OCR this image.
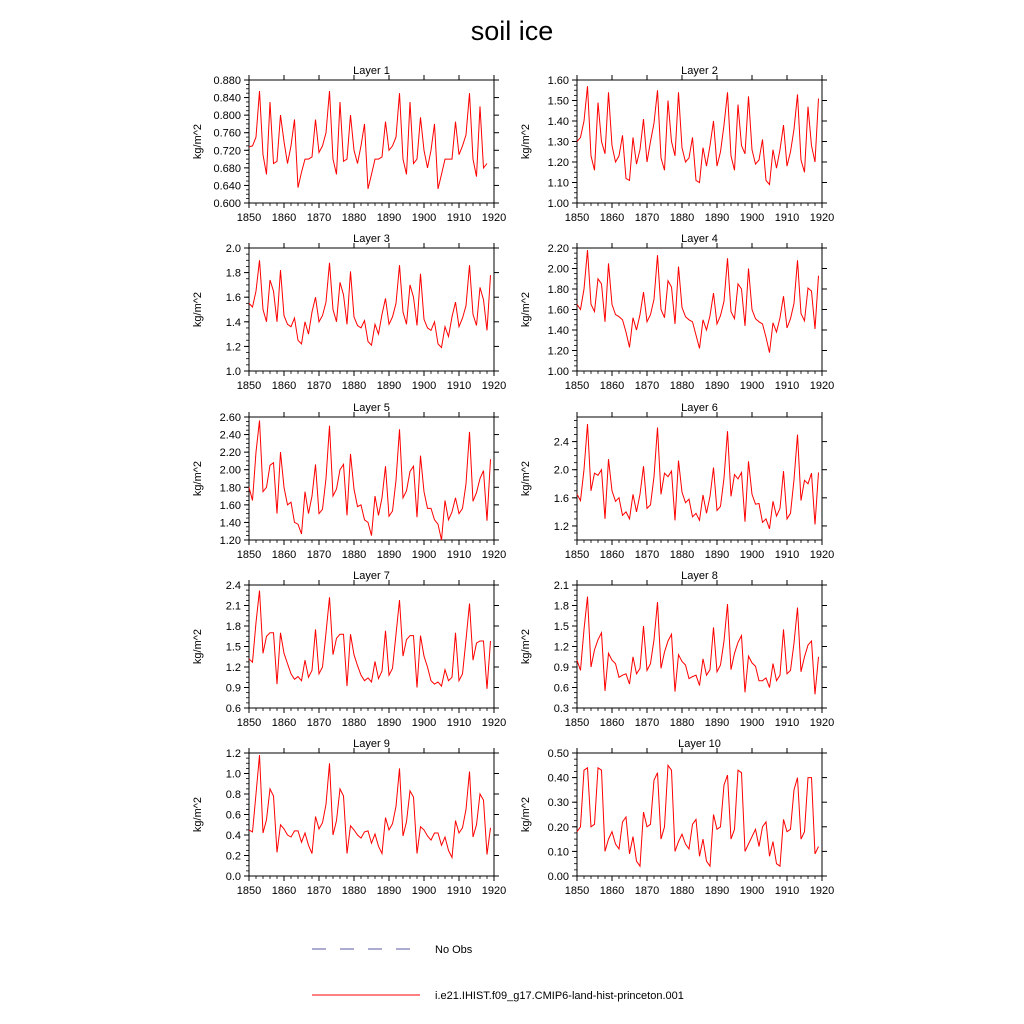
soil ice
Layer 1
0.600
0.640
0.680
0.720
0.760
0.800
0.840
0.880
1850 1860 1870 1880 1890 1900 1910 1920
kg/m^2
Layer 2
1.00
1.10
1.20
1.30
1.40
1.50
1.60
1850 1860 1870 1880 1890 1900 1910 1920
kg/m^2
Layer 3
1.0
1.2
1.4
1.6
1.8
2.0
1850 1860 1870 1880 1890 1900 1910 1920
kg/m^2
Layer 4
1.00
1.20
1.40
1.60
1.80
2.00
2.20
1850 1860 1870 1880 1890 1900 1910 1920
kg/m^2
Layer 5
1.20
1.40
1.60
1.80
2.00
2.20
2.40
2.60
1850 1860 1870 1880 1890 1900 1910 1920
kg/m^2
Layer 6
1.2
1.6
2.0
2.4
1850 1860 1870 1880 1890 1900 1910 1920
kg/m^2
Layer 7
0.6
0.9
1.2
1.5
1.8
2.1
2.4
1850 1860 1870 1880 1890 1900 1910 1920
kg/m^2
Layer 8
0.3
0.6
0.9
1.2
1.5
1.8
2.1
1850 1860 1870 1880 1890 1900 1910 1920
kg/m^2
Layer 9
0.0
0.2
0.4
0.6
0.8
1.0
1.2
1850 1860 1870 1880 1890 1900 1910 1920
kg/m^2
Layer 10
0.00
0.10
0.20
0.30
0.40
0.50
1850 1860 1870 1880 1890 1900 1910 1920
kg/m^2
No Obs
i.e21.IHIST.f09_g17.CMIP6-land-hist-princeton.001
